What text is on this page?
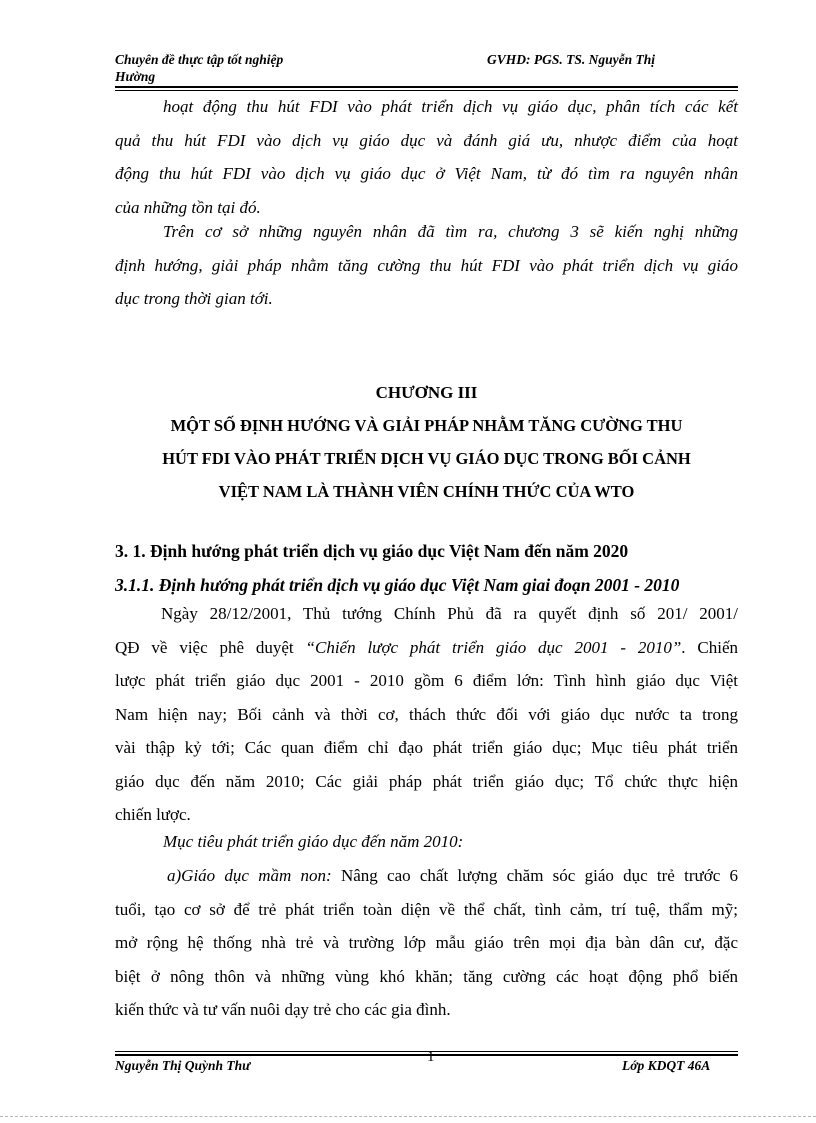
Chuyên đề thực tập tốt nghiệp	GVHD: PGS. TS. Nguyễn Thị
Hường
hoạt động thu hút FDI vào phát triển dịch vụ giáo dục, phân tích các kết
quả thu hút FDI vào dịch vụ giáo dục và đánh giá ưu, nhược điểm của hoạt
động thu hút FDI vào dịch vụ giáo dục ở Việt Nam, từ đó tìm ra nguyên nhân
của những tồn tại đó.
Trên cơ sở những nguyên nhân đã tìm ra, chương 3 sẽ kiến nghị những
định hướng, giải pháp nhằm tăng cường thu hút FDI vào phát triển dịch vụ giáo
dục trong thời gian tới.
CHƯƠNG III
MỘT SỐ ĐỊNH HƯỚNG VÀ GIẢI PHÁP NHẰM TĂNG CƯỜNG THU
HÚT FDI VÀO PHÁT TRIỂN DỊCH VỤ GIÁO DỤC TRONG BỐI CẢNH
VIỆT NAM LÀ THÀNH VIÊN CHÍNH THỨC CỦA WTO
3. 1. Định hướng phát triển dịch vụ giáo dục Việt Nam đến năm 2020
3.1.1. Định hướng phát triển dịch vụ giáo dục Việt Nam giai đoạn 2001 - 2010
Ngày 28/12/2001, Thủ tướng Chính Phủ đã ra quyết định số 201/ 2001/
QĐ về việc phê duyệt “Chiến lược phát triển giáo dục 2001 - 2010”. Chiến
lược phát triển giáo dục 2001 - 2010 gồm 6 điểm lớn: Tình hình giáo dục Việt
Nam hiện nay; Bối cảnh và thời cơ, thách thức đối với giáo dục nước ta trong
vài thập kỷ tới; Các quan điểm chỉ đạo phát triển giáo dục; Mục tiêu phát triển
giáo dục đến năm 2010; Các giải pháp phát triển giáo dục; Tổ chức thực hiện
chiến lược.
Mục tiêu phát triển giáo dục đến năm 2010:
a)Giáo dục mầm non: Nâng cao chất lượng chăm sóc giáo dục trẻ trước 6
tuổi, tạo cơ sở để trẻ phát triển toàn diện về thể chất, tình cảm, trí tuệ, thẩm mỹ;
mở rộng hệ thống nhà trẻ và trường lớp mẫu giáo trên mọi địa bàn dân cư, đặc
biệt ở nông thôn và những vùng khó khăn; tăng cường các hoạt động phổ biến
kiến thức và tư vấn nuôi dạy trẻ cho các gia đình.
1
Nguyễn Thị Quỳnh Thư	Lớp KDQT 46A
